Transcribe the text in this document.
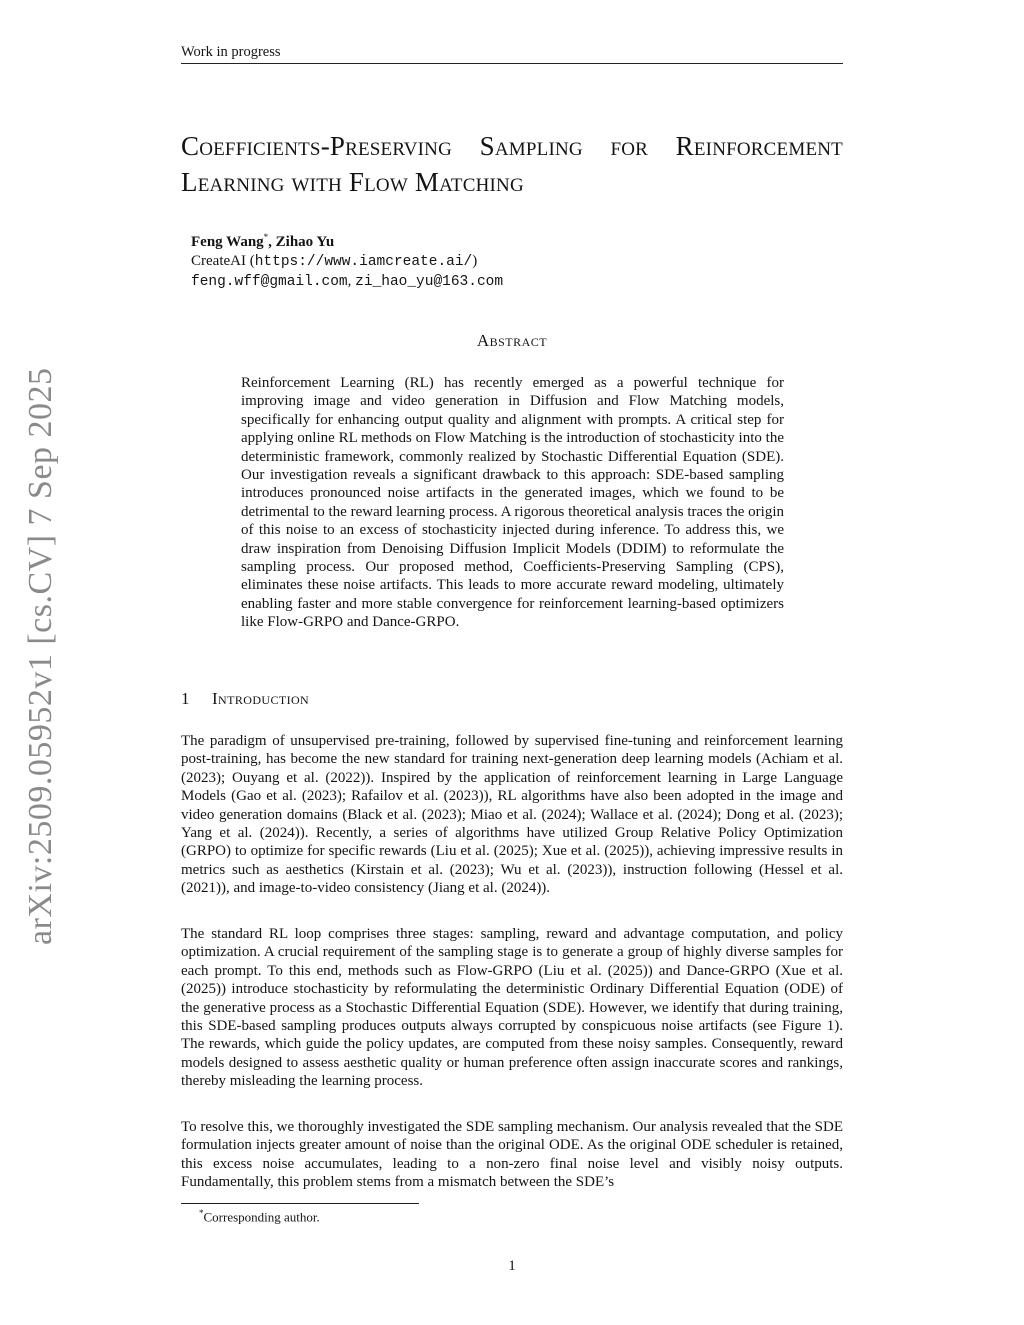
Work in progress
arXiv:2509.05952v1 [cs.CV] 7 Sep 2025
Coefficients-Preserving Sampling for Reinforcement Learning with Flow Matching
Feng Wang*, Zihao Yu
CreateAI (https://www.iamcreate.ai/)
feng.wff@gmail.com, zi_hao_yu@163.com
Abstract

Reinforcement Learning (RL) has recently emerged as a powerful technique for improving image and video generation in Diffusion and Flow Matching models, specifically for enhancing output quality and alignment with prompts. A critical step for applying online RL methods on Flow Matching is the introduction of stochasticity into the deterministic framework, commonly realized by Stochastic Differential Equation (SDE). Our investigation reveals a significant drawback to this approach: SDE-based sampling introduces pronounced noise artifacts in the generated images, which we found to be detrimental to the reward learning process. A rigorous theoretical analysis traces the origin of this noise to an excess of stochasticity injected during inference. To address this, we draw inspiration from Denoising Diffusion Implicit Models (DDIM) to reformulate the sampling process. Our proposed method, Coefficients-Preserving Sampling (CPS), eliminates these noise artifacts. This leads to more accurate reward modeling, ultimately enabling faster and more stable convergence for reinforcement learning-based optimizers like Flow-GRPO and Dance-GRPO.

1 Introduction

The paradigm of unsupervised pre-training, followed by supervised fine-tuning and reinforcement learning post-training, has become the new standard for training next-generation deep learning models (Achiam et al. (2023); Ouyang et al. (2022)). Inspired by the application of reinforcement learning in Large Language Models (Gao et al. (2023); Rafailov et al. (2023)), RL algorithms have also been adopted in the image and video generation domains (Black et al. (2023); Miao et al. (2024); Wallace et al. (2024); Dong et al. (2023); Yang et al. (2024)). Recently, a series of algorithms have utilized Group Relative Policy Optimization (GRPO) to optimize for specific rewards (Liu et al. (2025); Xue et al. (2025)), achieving impressive results in metrics such as aesthetics (Kirstain et al. (2023); Wu et al. (2023)), instruction following (Hessel et al. (2021)), and image-to-video consistency (Jiang et al. (2024)).

The standard RL loop comprises three stages: sampling, reward and advantage computation, and policy optimization. A crucial requirement of the sampling stage is to generate a group of highly diverse samples for each prompt. To this end, methods such as Flow-GRPO (Liu et al. (2025)) and Dance-GRPO (Xue et al. (2025)) introduce stochasticity by reformulating the deterministic Ordinary Differential Equation (ODE) of the generative process as a Stochastic Differential Equation (SDE). However, we identify that during training, this SDE-based sampling produces outputs always corrupted by conspicuous noise artifacts (see Figure 1). The rewards, which guide the policy updates, are computed from these noisy samples. Consequently, reward models designed to assess aesthetic quality or human preference often assign inaccurate scores and rankings, thereby misleading the learning process.

To resolve this, we thoroughly investigated the SDE sampling mechanism. Our analysis revealed that the SDE formulation injects greater amount of noise than the original ODE. As the original ODE scheduler is retained, this excess noise accumulates, leading to a non-zero final noise level and visibly noisy outputs. Fundamentally, this problem stems from a mismatch between the SDE’s

*Corresponding author.
1
